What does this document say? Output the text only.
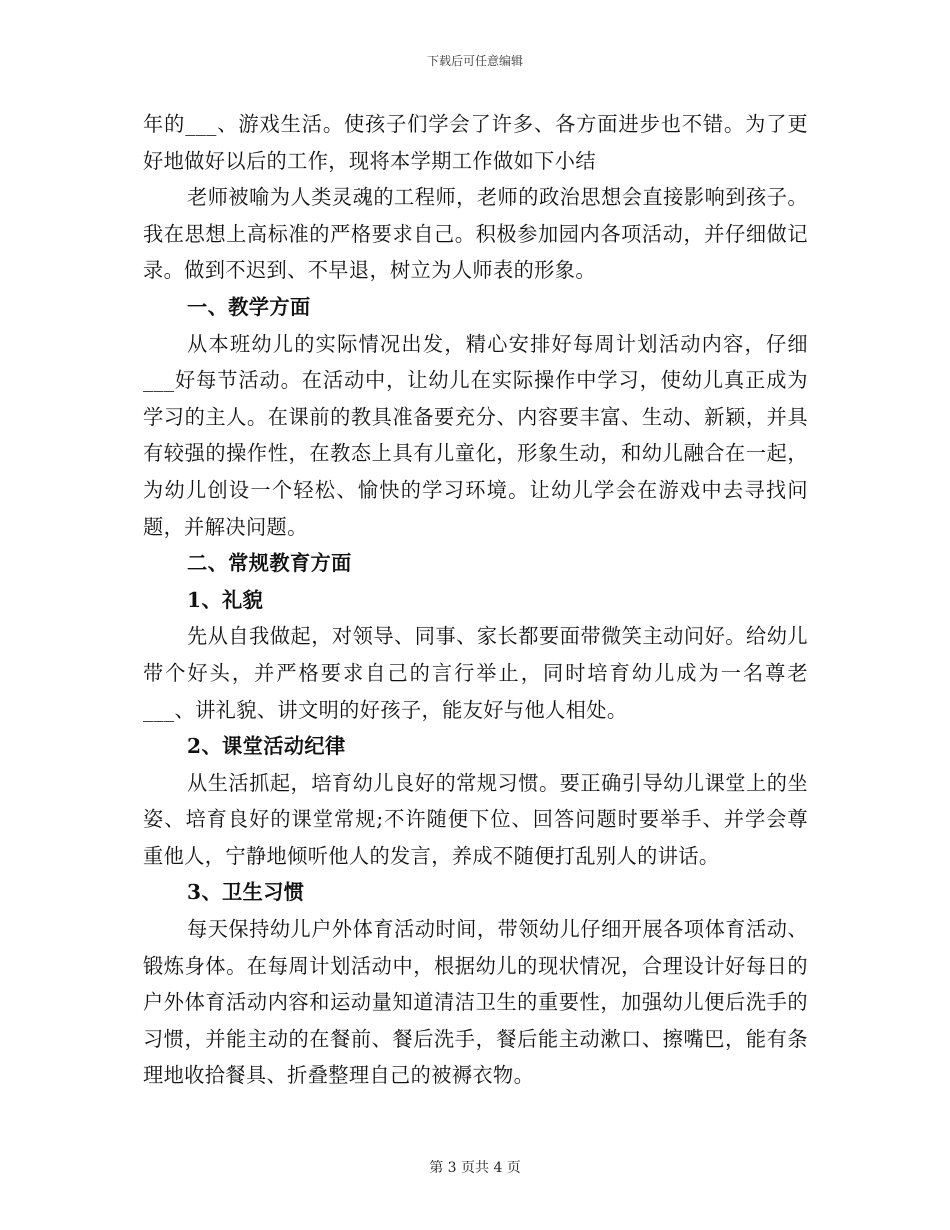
下载后可任意编辑

年的___、游戏生活。使孩子们学会了许多、各方面进步也不错。为了更好地做好以后的工作，现将本学期工作做如下小结

老师被喻为人类灵魂的工程师，老师的政治思想会直接影响到孩子。我在思想上高标准的严格要求自己。积极参加园内各项活动，并仔细做记录。做到不迟到、不早退，树立为人师表的形象。

一、教学方面

从本班幼儿的实际情况出发，精心安排好每周计划活动内容，仔细___好每节活动。在活动中，让幼儿在实际操作中学习，使幼儿真正成为学习的主人。在课前的教具准备要充分、内容要丰富、生动、新颖，并具有较强的操作性，在教态上具有儿童化，形象生动，和幼儿融合在一起，为幼儿创设一个轻松、愉快的学习环境。让幼儿学会在游戏中去寻找问题，并解决问题。

二、常规教育方面

1、礼貌

先从自我做起，对领导、同事、家长都要面带微笑主动问好。给幼儿带个好头，并严格要求自己的言行举止，同时培育幼儿成为一名尊老___、讲礼貌、讲文明的好孩子，能友好与他人相处。

2、课堂活动纪律

从生活抓起，培育幼儿良好的常规习惯。要正确引导幼儿课堂上的坐姿、培育良好的课堂常规;不许随便下位、回答问题时要举手、并学会尊重他人，宁静地倾听他人的发言，养成不随便打乱别人的讲话。

3、卫生习惯

每天保持幼儿户外体育活动时间，带领幼儿仔细开展各项体育活动、锻炼身体。在每周计划活动中，根据幼儿的现状情况，合理设计好每日的户外体育活动内容和运动量知道清洁卫生的重要性，加强幼儿便后洗手的习惯，并能主动的在餐前、餐后洗手，餐后能主动漱口、擦嘴巴，能有条理地收拾餐具、折叠整理自己的被褥衣物。

第 3 页共 4 页
